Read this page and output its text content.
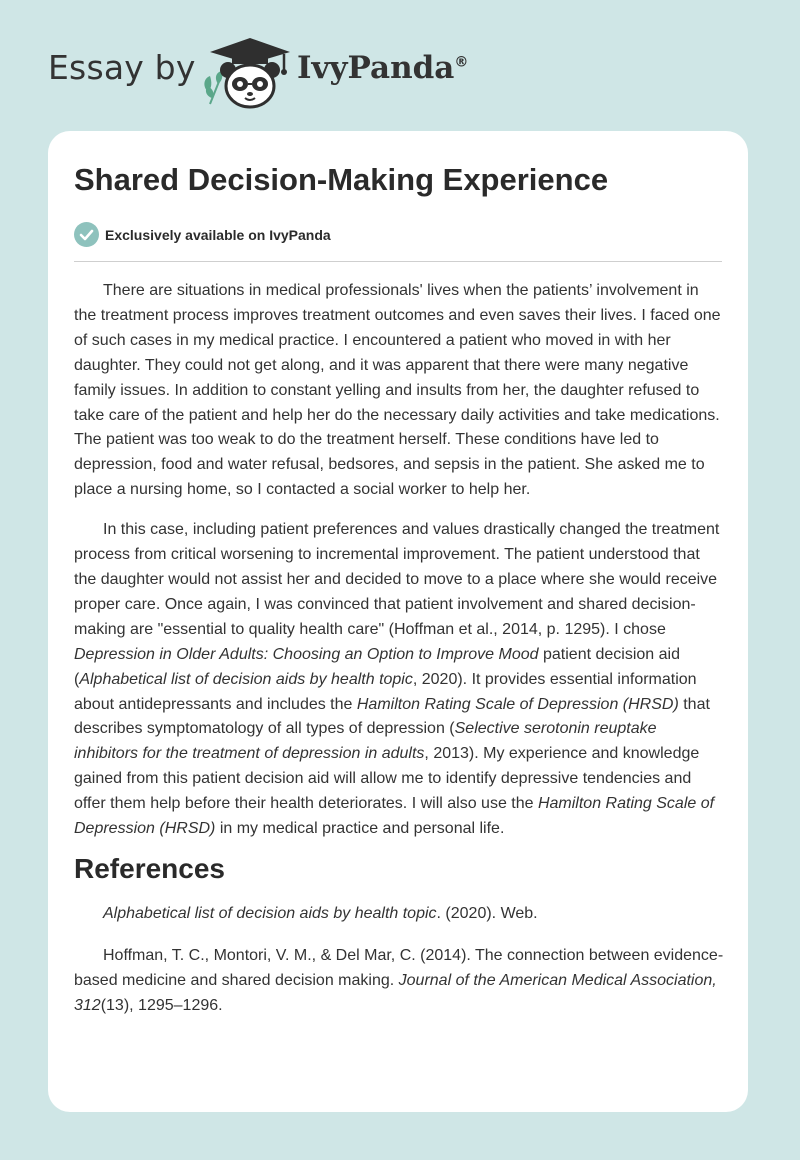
Essay by	IvyPanda®
Shared Decision-Making Experience
Exclusively available on IvyPanda

There are situations in medical professionals' lives when the patients’ involvement in the treatment process improves treatment outcomes and even saves their lives. I faced one of such cases in my medical practice. I encountered a patient who moved in with her daughter. They could not get along, and it was apparent that there were many negative family issues. In addition to constant yelling and insults from her, the daughter refused to take care of the patient and help her do the necessary daily activities and take medications. The patient was too weak to do the treatment herself. These conditions have led to depression, food and water refusal, bedsores, and sepsis in the patient. She asked me to place a nursing home, so I contacted a social worker to help her.

In this case, including patient preferences and values drastically changed the treatment process from critical worsening to incremental improvement. The patient understood that the daughter would not assist her and decided to move to a place where she would receive proper care. Once again, I was convinced that patient involvement and shared decision-making are "essential to quality health care" (Hoffman et al., 2014, p. 1295). I chose Depression in Older Adults: Choosing an Option to Improve Mood patient decision aid (Alphabetical list of decision aids by health topic, 2020). It provides essential information about antidepressants and includes the Hamilton Rating Scale of Depression (HRSD) that describes symptomatology of all types of depression (Selective serotonin reuptake inhibitors for the treatment of depression in adults, 2013). My experience and knowledge gained from this patient decision aid will allow me to identify depressive tendencies and offer them help before their health deteriorates. I will also use the Hamilton Rating Scale of Depression (HRSD) in my medical practice and personal life.

References

Alphabetical list of decision aids by health topic. (2020). Web.

Hoffman, T. C., Montori, V. M., & Del Mar, C. (2014). The connection between evidence-based medicine and shared decision making. Journal of the American Medical Association, 312(13), 1295–1296.
